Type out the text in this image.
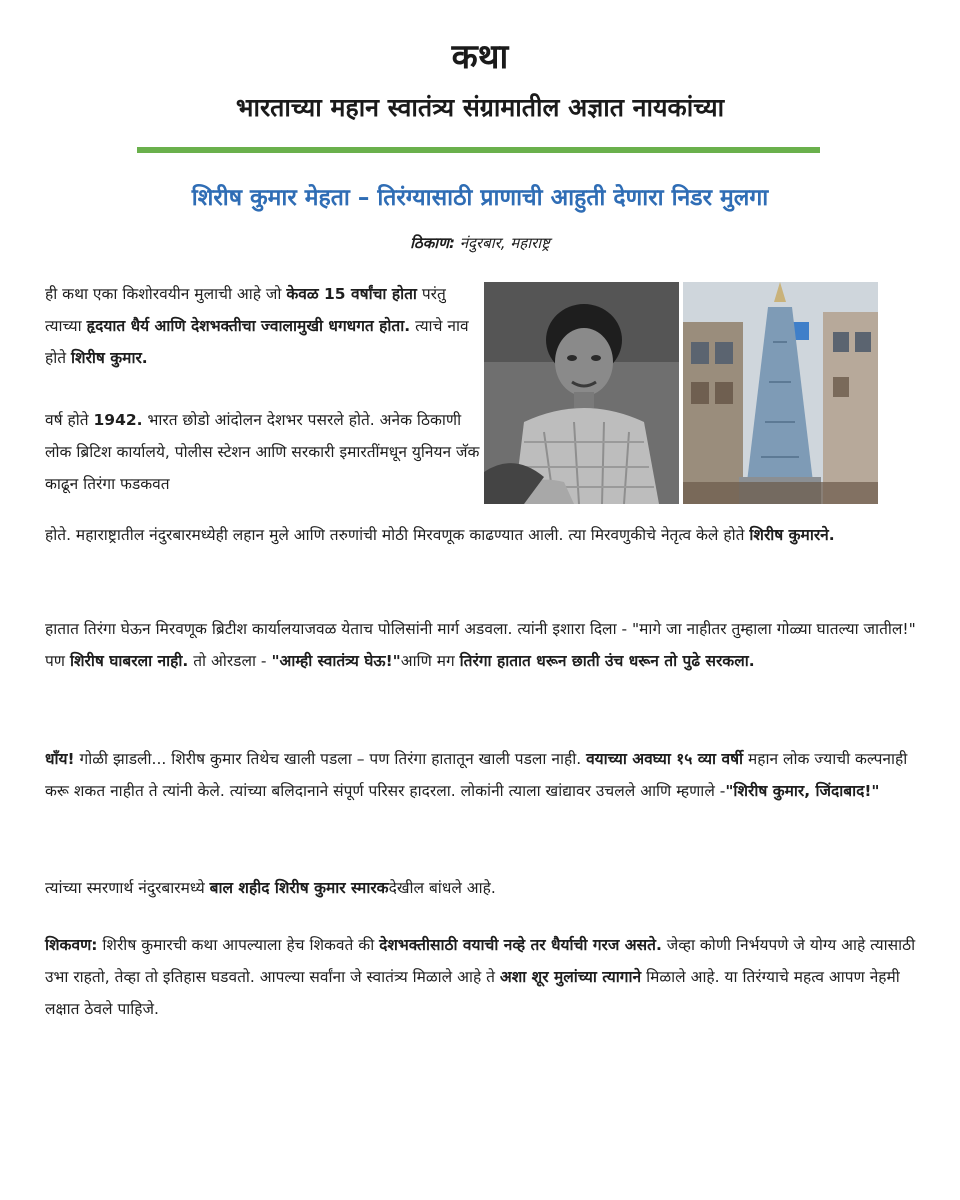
कथा
भारताच्या महान स्वातंत्र्य संग्रामातील अज्ञात नायकांच्या
शिरीष कुमार मेहता – तिरंग्यासाठी प्राणाची आहुती देणारा निडर मुलगा
ठिकाण: नंदुरबार, महाराष्ट्र

ही कथा एका किशोरवयीन मुलाची आहे जो केवळ 15 वर्षांचा होता परंतु त्याच्या हृदयात धैर्य आणि देशभक्तीचा ज्वालामुखी धगधगत होता. त्याचे नाव होते शिरीष कुमार.

वर्ष होते 1942. भारत छोडो आंदोलन देशभर पसरले होते. अनेक ठिकाणी लोक ब्रिटिश कार्यालये, पोलीस स्टेशन आणि सरकारी इमारतींमधून युनियन जॅक काढून तिरंगा फडकवत

होते. महाराष्ट्रातील नंदुरबारमध्येही लहान मुले आणि तरुणांची मोठी मिरवणूक काढण्यात आली. त्या मिरवणुकीचे नेतृत्व केले होते शिरीष कुमारने.

हातात तिरंगा घेऊन मिरवणूक ब्रिटीश कार्यालयाजवळ येताच पोलिसांनी मार्ग अडवला. त्यांनी इशारा दिला - "मागे जा नाहीतर तुम्हाला गोळ्या घातल्या जातील!" पण शिरीष घाबरला नाही. तो ओरडला - "आम्ही स्वातंत्र्य घेऊ!"आणि मग तिरंगा हातात धरून छाती उंच धरून तो पुढे सरकला.

धाँय! गोळी झाडली... शिरीष कुमार तिथेच खाली पडला – पण तिरंगा हातातून खाली पडला नाही. वयाच्या अवघ्या १५ व्या वर्षी महान लोक ज्याची कल्पनाही करू शकत नाहीत ते त्यांनी केले. त्यांच्या बलिदानाने संपूर्ण परिसर हादरला. लोकांनी त्याला खांद्यावर उचलले आणि म्हणाले -"शिरीष कुमार, जिंदाबाद!"

त्यांच्या स्मरणार्थ नंदुरबारमध्ये बाल शहीद शिरीष कुमार स्मारकदेखील बांधले आहे.

शिकवण: शिरीष कुमारची कथा आपल्याला हेच शिकवते की देशभक्तीसाठी वयाची नव्हे तर धैर्याची गरज असते. जेव्हा कोणी निर्भयपणे जे योग्य आहे त्यासाठी उभा राहतो, तेव्हा तो इतिहास घडवतो. आपल्या सर्वांना जे स्वातंत्र्य मिळाले आहे ते अशा शूर मुलांच्या त्यागाने मिळाले आहे. या तिरंग्याचे महत्व आपण नेहमी लक्षात ठेवले पाहिजे.
